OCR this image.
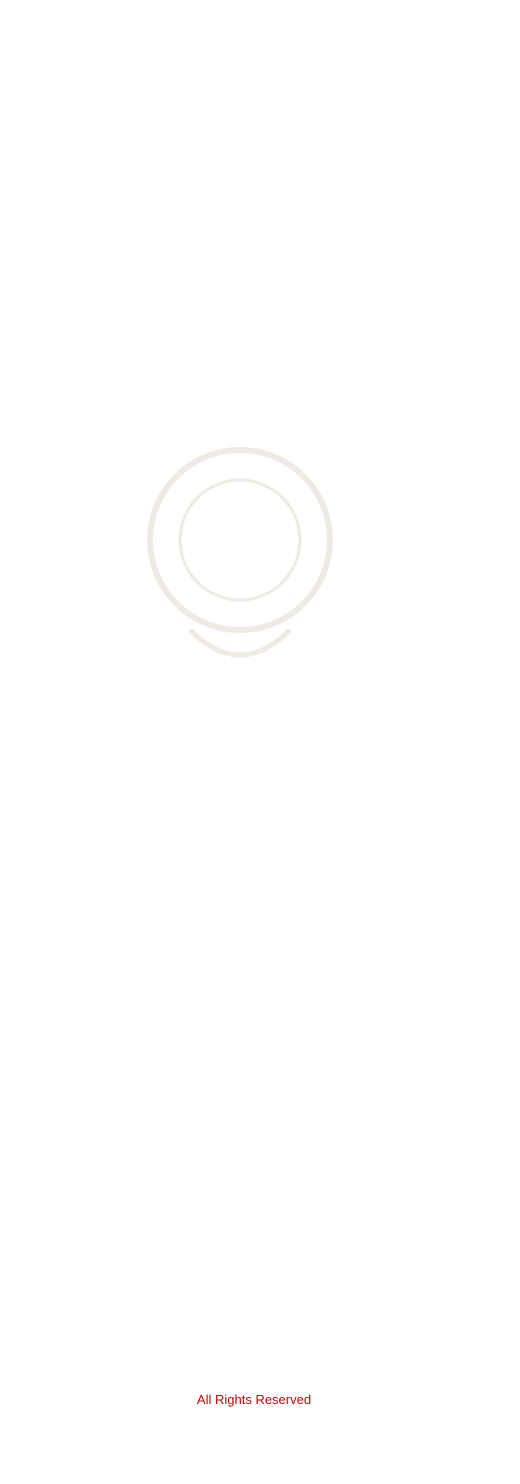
All Rights Reserved
